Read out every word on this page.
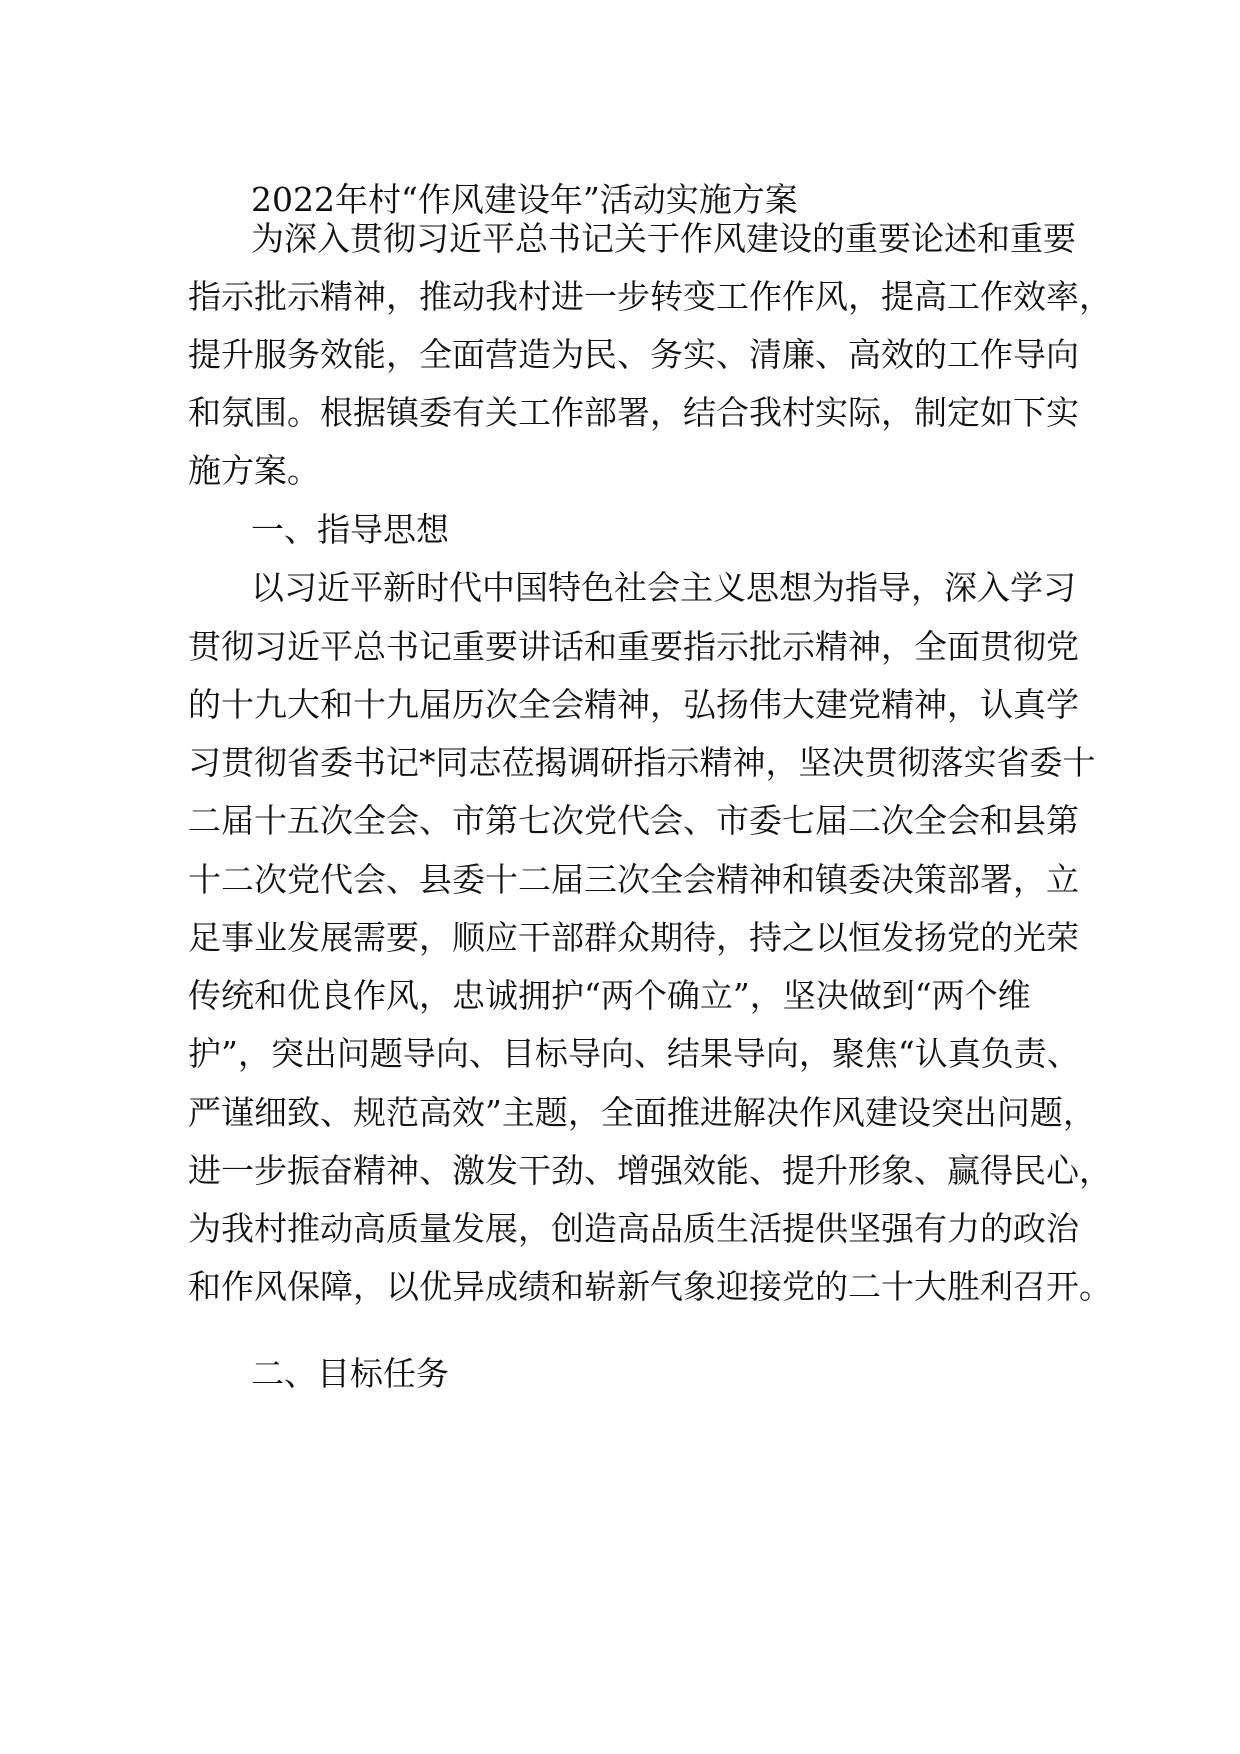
2022年村“作风建设年”活动实施方案
为深入贯彻习近平总书记关于作风建设的重要论述和重要
指示批示精神，推动我村进一步转变工作作风，提高工作效率，
提升服务效能，全面营造为民、务实、清廉、高效的工作导向
和氛围。根据镇委有关工作部署，结合我村实际，制定如下实
施方案。
一、指导思想
以习近平新时代中国特色社会主义思想为指导，深入学习
贯彻习近平总书记重要讲话和重要指示批示精神，全面贯彻党
的十九大和十九届历次全会精神，弘扬伟大建党精神，认真学
习贯彻省委书记*同志莅揭调研指示精神，坚决贯彻落实省委十
二届十五次全会、市第七次党代会、市委七届二次全会和县第
十二次党代会、县委十二届三次全会精神和镇委决策部署，立
足事业发展需要，顺应干部群众期待，持之以恒发扬党的光荣
传统和优良作风，忠诚拥护“两个确立”，坚决做到“两个维
护”，突出问题导向、目标导向、结果导向，聚焦“认真负责、
严谨细致、规范高效”主题，全面推进解决作风建设突出问题，
进一步振奋精神、激发干劲、增强效能、提升形象、赢得民心，
为我村推动高质量发展，创造高品质生活提供坚强有力的政治
和作风保障，以优异成绩和崭新气象迎接党的二十大胜利召开。
二、目标任务
